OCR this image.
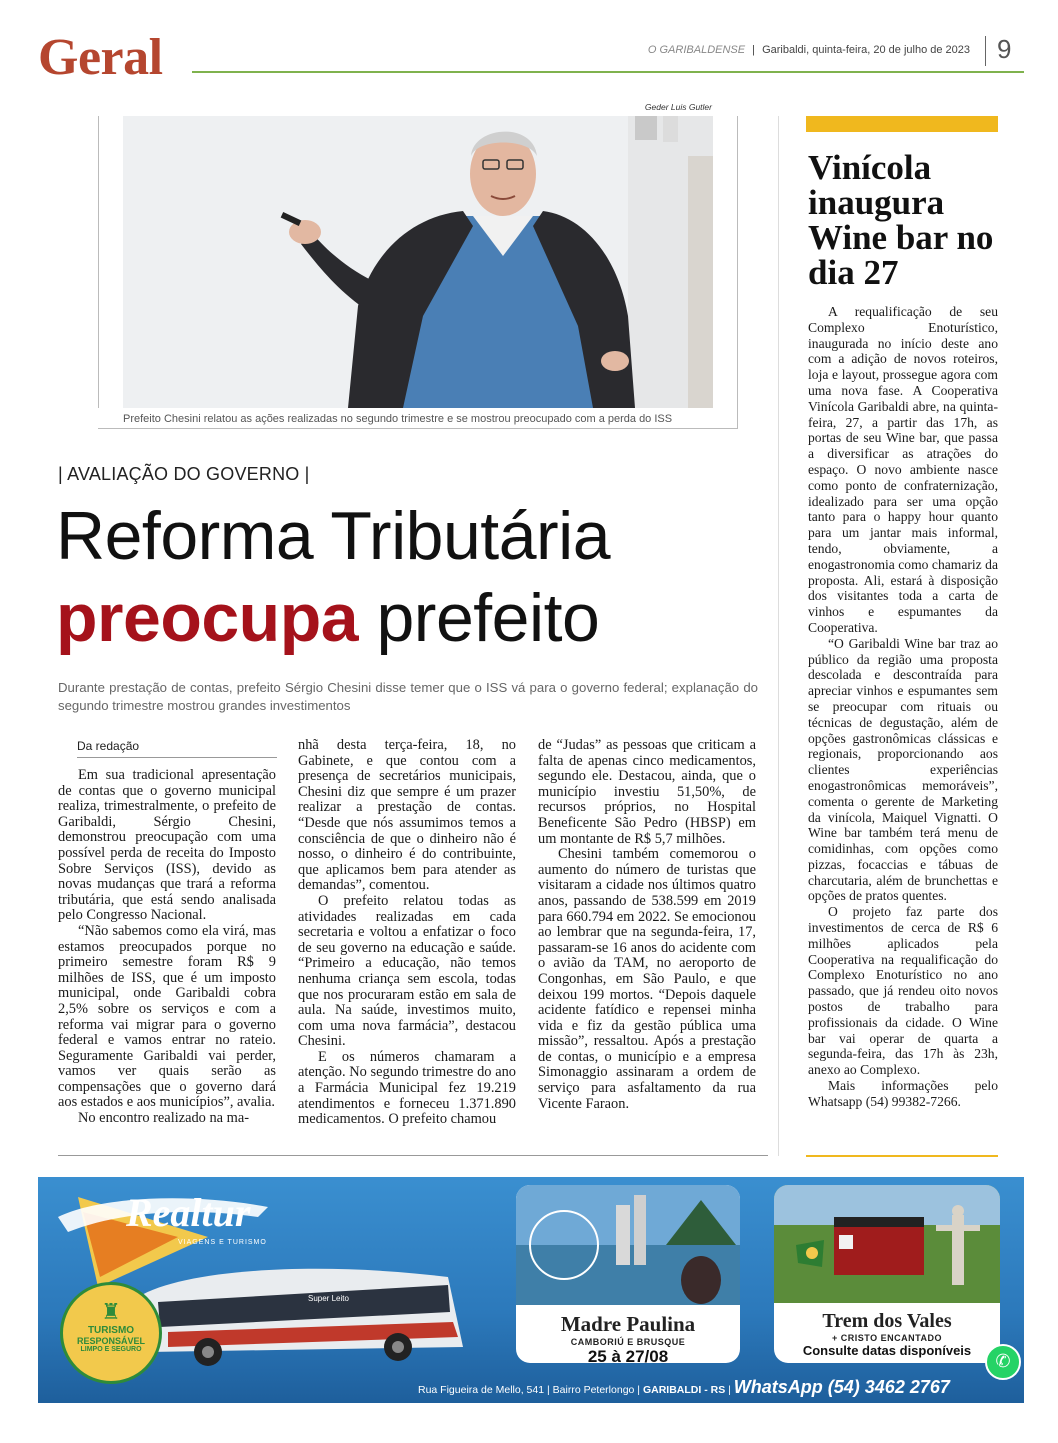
Geral	O GARIBALDENSE | Garibaldi, quinta-feira, 20 de julho de 2023 9
Geder Luis Gutler
Prefeito Chesini relatou as ações realizadas no segundo trimestre e se mostrou preocupado com a perda do ISS
| AVALIAÇÃO DO GOVERNO |
Reforma Tributária
preocupa prefeito
Durante prestação de contas, prefeito Sérgio Chesini disse temer que o ISS vá para o governo federal; explanação do segundo trimestre mostrou grandes investimentos
Da redação

Em sua tradicional apresentação de contas que o governo municipal realiza, trimestralmente, o prefeito de Garibaldi, Sérgio Chesini, demonstrou preocupação com uma possível perda de receita do Imposto Sobre Serviços (ISS), devido as novas mudanças que trará a reforma tributária, que está sendo analisada pelo Congresso Nacional.

“Não sabemos como ela virá, mas estamos preocupados porque no primeiro semestre foram R$ 9 milhões de ISS, que é um imposto municipal, onde Garibaldi cobra 2,5% sobre os serviços e com a reforma vai migrar para o governo federal e vamos entrar no rateio. Seguramente Garibaldi vai perder, vamos ver quais serão as compensações que o governo dará aos estados e aos municípios”, avalia.

No encontro realizado na ma-

nhã desta terça-feira, 18, no Gabinete, e que contou com a presença de secretários municipais, Chesini diz que sempre é um prazer realizar a prestação de contas. “Desde que nós assumimos temos a consciência de que o dinheiro não é nosso, o dinheiro é do contribuinte, que aplicamos bem para atender as demandas”, comentou.

O prefeito relatou todas as atividades realizadas em cada secretaria e voltou a enfatizar o foco de seu governo na educação e saúde. “Primeiro a educação, não temos nenhuma criança sem escola, todas que nos procuraram estão em sala de aula. Na saúde, investimos muito, com uma nova farmácia”, destacou Chesini.

E os números chamaram a atenção. No segundo trimestre do ano a Farmácia Municipal fez 19.219 atendimentos e forneceu 1.371.890 medicamentos. O prefeito chamou

de “Judas” as pessoas que criticam a falta de apenas cinco medicamentos, segundo ele. Destacou, ainda, que o município investiu 51,50%, de recursos próprios, no Hospital Beneficente São Pedro (HBSP) em um montante de R$ 5,7 milhões.

Chesini também comemorou o aumento do número de turistas que visitaram a cidade nos últimos quatro anos, passando de 538.599 em 2019 para 660.794 em 2022. Se emocionou ao lembrar que na segunda-feira, 17, passaram-se 16 anos do acidente com o avião da TAM, no aeroporto de Congonhas, em São Paulo, e que deixou 199 mortos. “Depois daquele acidente fatídico e repensei minha vida e fiz da gestão pública uma missão”, ressaltou. Após a prestação de contas, o município e a empresa Simonaggio assinaram a ordem de serviço para asfaltamento da rua Vicente Faraon.

Vinícola inaugura Wine bar no dia 27

A requalificação de seu Complexo Enoturístico, inaugurada no início deste ano com a adição de novos roteiros, loja e layout, prossegue agora com uma nova fase. A Cooperativa Vinícola Garibaldi abre, na quinta-feira, 27, a partir das 17h, as portas de seu Wine bar, que passa a diversificar as atrações do espaço. O novo ambiente nasce como ponto de confraternização, idealizado para ser uma opção tanto para o happy hour quanto para um jantar mais informal, tendo, obviamente, a enogastronomia como chamariz da proposta. Ali, estará à disposição dos visitantes toda a carta de vinhos e espumantes da Cooperativa.

“O Garibaldi Wine bar traz ao público da região uma proposta descolada e descontraída para apreciar vinhos e espumantes sem se preocupar com rituais ou técnicas de degustação, além de opções gastronômicas clássicas e regionais, proporcionando aos clientes experiências enogastronômicas memoráveis”, comenta o gerente de Marketing da vinícola, Maiquel Vignatti. O Wine bar também terá menu de comidinhas, com opções como pizzas, focaccias e tábuas de charcutaria, além de brunchettas e opções de pratos quentes.

O projeto faz parte dos investimentos de cerca de R$ 6 milhões aplicados pela Cooperativa na requalificação do Complexo Enoturístico no ano passado, que já rendeu oito novos postos de trabalho para profissionais da cidade. O Wine bar vai operar de quarta a segunda-feira, das 17h às 23h, anexo ao Complexo.

Mais informações pelo Whatsapp (54) 99382-7266.

Realtur
VIAGENS E TURISMO
Super Leito
♜
TURISMO
RESPONSÁVEL
LIMPO E SEGURO
Madre Paulina
CAMBORIÚ E BRUSQUE
25 à 27/08
Trem dos Vales
+ CRISTO ENCANTADO
Consulte datas disponíveis
Rua Figueira de Mello, 541 | Bairro Peterlongo | GARIBALDI - RS | WhatsApp (54) 3462 2767
✆
